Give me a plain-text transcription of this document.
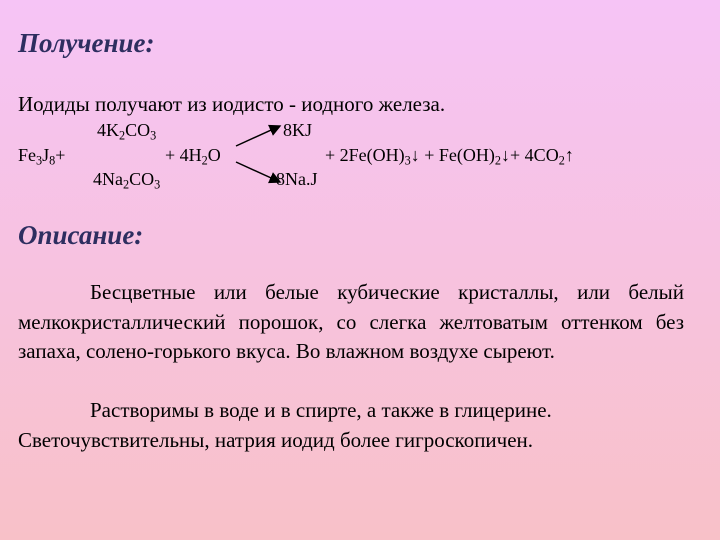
Получение:
Иодиды получают из иодисто - иодного железа.
$4K_2CO_3$
$Fe_3J_8+$	+ $4H_2O$
$4Na_2CO_3$
8KJ
8Na.J
+ $2Fe(OH)_3↓$ + $Fe(OH)_2↓+$ $4CO_2↑$
Описание:
Бесцветные или белые кубические кристаллы, или белый мелкокристаллический порошок, со слегка желтоватым оттенком без запаха, солено-горького вкуса. Во влажном воздухе сыреют.
Растворимы в воде и в спирте, а также в глицерине.
Светочувствительны, натрия иодид более гигроскопичен.
